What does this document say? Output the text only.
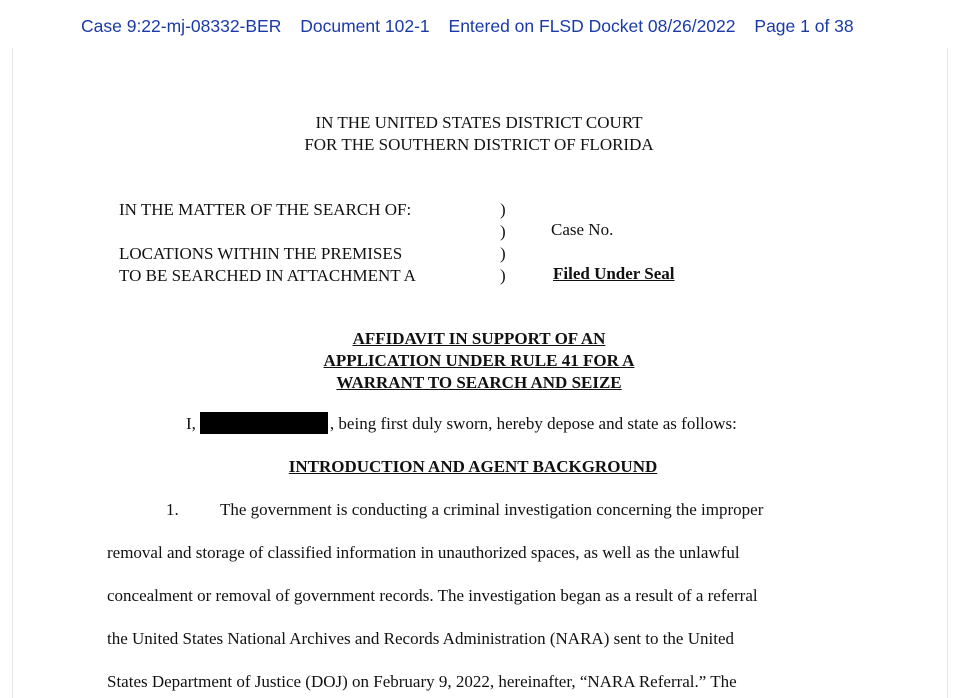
Case 9:22-mj-08332-BER Document 102-1 Entered on FLSD Docket 08/26/2022 Page 1 of 38
IN THE UNITED STATES DISTRICT COURT
FOR THE SOUTHERN DISTRICT OF FLORIDA
IN THE MATTER OF THE SEARCH OF:
LOCATIONS WITHIN THE PREMISES
TO BE SEARCHED IN ATTACHMENT A
)
)
)
)
Case No.
Filed Under Seal
AFFIDAVIT IN SUPPORT OF AN
APPLICATION UNDER RULE 41 FOR A
WARRANT TO SEARCH AND SEIZE
I,	, being first duly sworn, hereby depose and state as follows:
INTRODUCTION AND AGENT BACKGROUND
1. The government is conducting a criminal investigation concerning the improper
removal and storage of classified information in unauthorized spaces, as well as the unlawful
concealment or removal of government records. The investigation began as a result of a referral
the United States National Archives and Records Administration (NARA) sent to the United
States Department of Justice (DOJ) on February 9, 2022, hereinafter, “NARA Referral.” The
